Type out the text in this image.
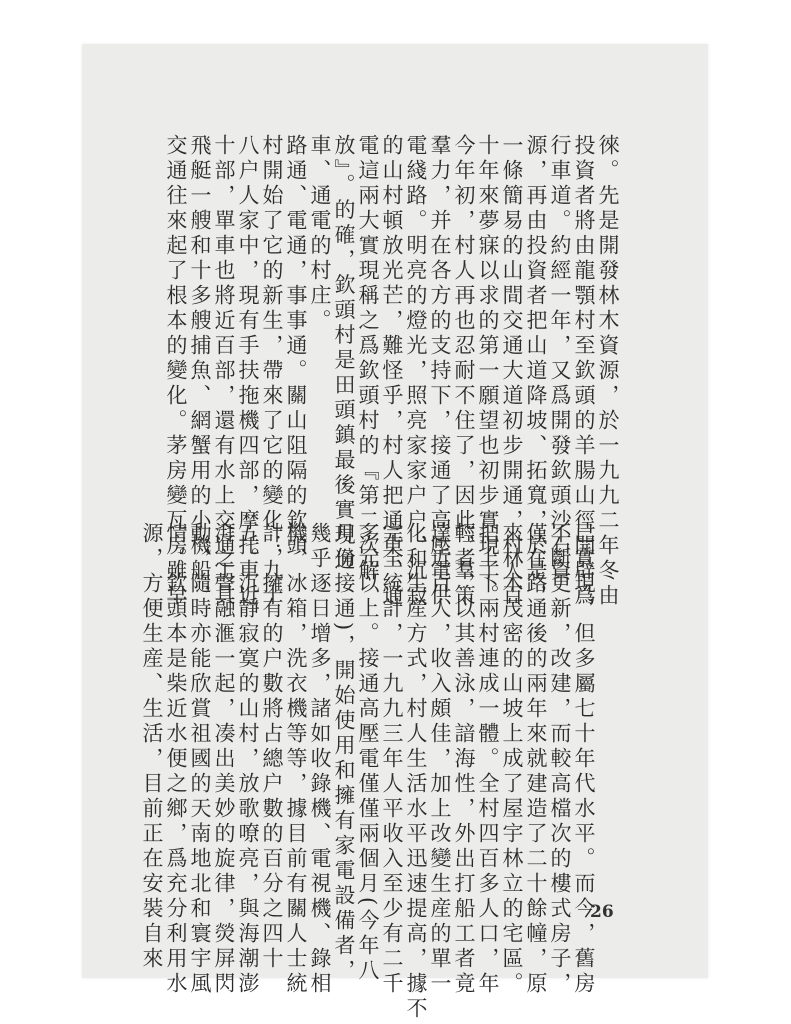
徠。先是開發林木資源，於一九九二年冬由
投資者將由龍顎村至欽頭的羊腸山徑開辟爲
行車道。約經一年，又爲開發欽頭沙石資
源，再由投資者把山道降坡、拓寬，於是，
一條簡易的山間交通大道初步開通，村人百
十年來夢寐以求的第一願望也初步實現了。
今年初，村人再也忍耐不住了，因此，羣策
羣力，并在各方的支持下，接通了高壓電供
電綫路。明亮的燈光，照亮家家户户，沉寂
的山村頓放光芒，難怪乎，村人把通車、通
電這兩大實現稱之爲欽頭村的『第二次解
放』。的確，欽頭村是田頭鎮最後實現通
車、通電的村庄。
路通、電通，事事通。關山阻隔的欽頭
村開始了它的新生，帶來了它的變化：九十
八户人家中，現有手扶拖機四部，摩托車近
十部，單車也將近百部，還有水上交通工具
飛艇一艘和十多艘捕魚、網蟹用的小機船，
交通往來起了根本的變化。茅房變瓦房雖早
已實現，但多屬七十年代水平。而今，舊房
不斷更新，改建，而較高檔次的樓式房子，
僅在路通後的兩年來就建造了二十餘幢，原
來林木茂密的山坡上成了屋宇林立的宅區。
把上下兩村連成一體。全村四百多人口，年
輕者，以其善泳，諳海性，外出打船工者竟
達近百人，收入頗佳，加上改變生産的單一
化和生産方式，村人生活水平迅速提高，據不
完全統計，一九九三年人平收入至少有二千
多元以上。接通高壓電僅僅兩個月(今年八
月份接通)，開始使用和擁有家電設備者，
幾乎逐日增多，諸如收錄機、電視機、錄相
機，冰箱，洗衣機等等，據目前有關人士統
計，擁有的户數將占總户數的百分之四十
五。沉靜寂寞的山村，放歌嘹亮，與海潮澎
湃之聲融滙一起，凑出美妙的旋律，熒屏閃
動，隨時亦能欣賞祖國的天南地北和寰宇風
情。欽頭本是柴近水便之鄉，爲充分利用水
源，方便生産、生活，目前正在安裝自來	26
